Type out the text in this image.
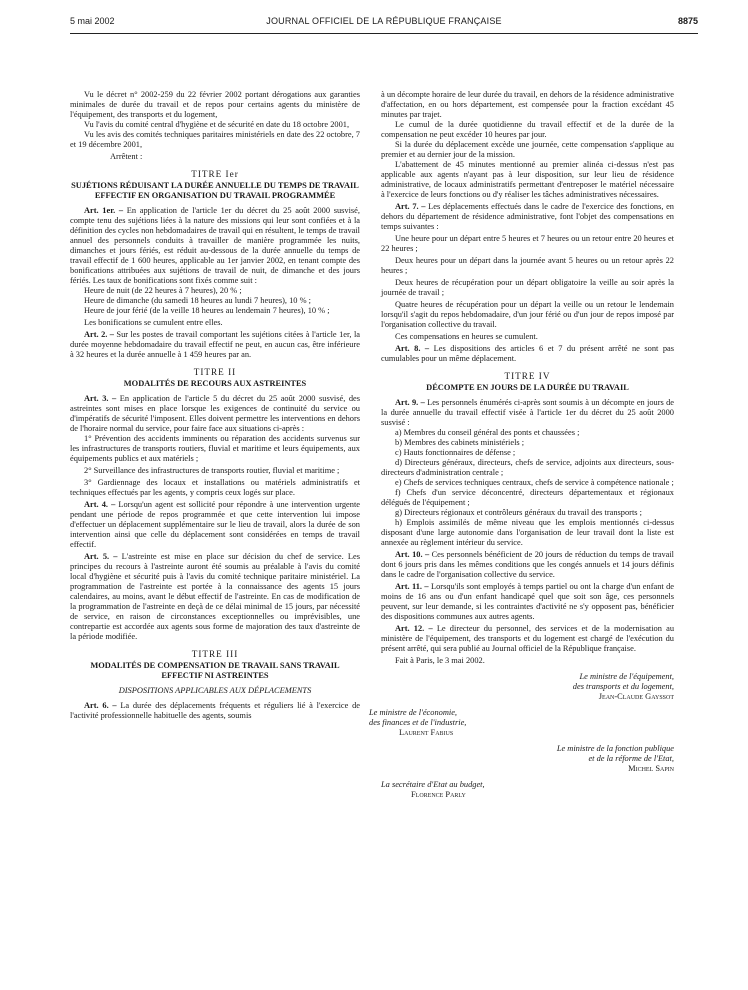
5 mai 2002	JOURNAL OFFICIEL DE LA RÉPUBLIQUE FRANÇAISE	8875

Vu le décret n° 2002-259 du 22 février 2002 portant dérogations aux garanties minimales de durée du travail et de repos pour certains agents du ministère de l'équipement, des transports et du logement,

Vu l'avis du comité central d'hygiène et de sécurité en date du 18 octobre 2001,

Vu les avis des comités techniques paritaires ministériels en date des 22 octobre, 7 et 19 décembre 2001,

Arrêtent :

TITRE Ier
SUJÉTIONS RÉDUISANT LA DURÉE ANNUELLE DU TEMPS DE TRAVAIL EFFECTIF EN ORGANISATION DU TRAVAIL PROGRAMMÉE

Art. 1er. – En application de l'article 1er du décret du 25 août 2000 susvisé, compte tenu des sujétions liées à la nature des missions qui leur sont confiées et à la définition des cycles non hebdomadaires de travail qui en résultent, le temps de travail annuel des personnels conduits à travailler de manière programmée les nuits, dimanches et jours fériés, est réduit au-dessous de la durée annuelle du temps de travail effectif de 1 600 heures, applicable au 1er janvier 2002, en tenant compte des bonifications attribuées aux sujétions de travail de nuit, de dimanche et des jours fériés. Les taux de bonifications sont fixés comme suit :

Heure de nuit (de 22 heures à 7 heures), 20 % ;

Heure de dimanche (du samedi 18 heures au lundi 7 heures), 10 % ;

Heure de jour férié (de la veille 18 heures au lendemain 7 heures), 10 % ;

Les bonifications se cumulent entre elles.

Art. 2. – Sur les postes de travail comportant les sujétions citées à l'article 1er, la durée moyenne hebdomadaire du travail effectif ne peut, en aucun cas, être inférieure à 32 heures et la durée annuelle à 1 459 heures par an.

TITRE II
MODALITÉS DE RECOURS AUX ASTREINTES

Art. 3. – En application de l'article 5 du décret du 25 août 2000 susvisé, des astreintes sont mises en place lorsque les exigences de continuité du service ou d'impératifs de sécurité l'imposent. Elles doivent permettre les interventions en dehors de l'horaire normal du service, pour faire face aux situations ci-après :

1° Prévention des accidents imminents ou réparation des accidents survenus sur les infrastructures de transports routiers, fluvial et maritime et leurs équipements, aux équipements publics et aux matériels ;

2° Surveillance des infrastructures de transports routier, fluvial et maritime ;

3° Gardiennage des locaux et installations ou matériels administratifs et techniques effectués par les agents, y compris ceux logés sur place.

Art. 4. – Lorsqu'un agent est sollicité pour répondre à une intervention urgente pendant une période de repos programmée et que cette intervention lui impose d'effectuer un déplacement supplémentaire sur le lieu de travail, alors la durée de son intervention ainsi que celle du déplacement sont considérées en temps de travail effectif.

Art. 5. – L'astreinte est mise en place sur décision du chef de service. Les principes du recours à l'astreinte auront été soumis au préalable à l'avis du comité local d'hygiène et sécurité puis à l'avis du comité technique paritaire ministériel. La programmation de l'astreinte est portée à la connaissance des agents 15 jours calendaires, au moins, avant le début effectif de l'astreinte. En cas de modification de la programmation de l'astreinte en deçà de ce délai minimal de 15 jours, par nécessité de service, en raison de circonstances exceptionnelles ou imprévisibles, une contrepartie est accordée aux agents sous forme de majoration des taux d'astreinte de la période modifiée.

TITRE III
MODALITÉS DE COMPENSATION DE TRAVAIL SANS TRAVAIL EFFECTIF NI ASTREINTES
DISPOSITIONS APPLICABLES AUX DÉPLACEMENTS

Art. 6. – La durée des déplacements fréquents et réguliers lié à l'exercice de l'activité professionnelle habituelle des agents, soumis

à un décompte horaire de leur durée du travail, en dehors de la résidence administrative d'affectation, en ou hors département, est compensée pour la fraction excédant 45 minutes par trajet.

Le cumul de la durée quotidienne du travail effectif et de la durée de la compensation ne peut excéder 10 heures par jour.

Si la durée du déplacement excède une journée, cette compensation s'applique au premier et au dernier jour de la mission.

L'abattement de 45 minutes mentionné au premier alinéa ci-dessus n'est pas applicable aux agents n'ayant pas à leur disposition, sur leur lieu de résidence administrative, de locaux administratifs permettant d'entreposer le matériel nécessaire à l'exercice de leurs fonctions ou d'y réaliser les tâches administratives nécessaires.

Art. 7. – Les déplacements effectués dans le cadre de l'exercice des fonctions, en dehors du département de résidence administrative, font l'objet des compensations en temps suivantes :

Une heure pour un départ entre 5 heures et 7 heures ou un retour entre 20 heures et 22 heures ;

Deux heures pour un départ dans la journée avant 5 heures ou un retour après 22 heures ;

Deux heures de récupération pour un départ obligatoire la veille au soir après la journée de travail ;

Quatre heures de récupération pour un départ la veille ou un retour le lendemain lorsqu'il s'agit du repos hebdomadaire, d'un jour férié ou d'un jour de repos imposé par l'organisation collective du travail.

Ces compensations en heures se cumulent.

Art. 8. – Les dispositions des articles 6 et 7 du présent arrêté ne sont pas cumulables pour un même déplacement.

TITRE IV
DÉCOMPTE EN JOURS DE LA DURÉE DU TRAVAIL

Art. 9. – Les personnels énumérés ci-après sont soumis à un décompte en jours de la durée annuelle du travail effectif visée à l'article 1er du décret du 25 août 2000 susvisé :

a) Membres du conseil général des ponts et chaussées ;

b) Membres des cabinets ministériels ;

c) Hauts fonctionnaires de défense ;

d) Directeurs généraux, directeurs, chefs de service, adjoints aux directeurs, sous-directeurs d'administration centrale ;

e) Chefs de services techniques centraux, chefs de service à compétence nationale ;

f) Chefs d'un service déconcentré, directeurs départementaux et régionaux délégués de l'équipement ;

g) Directeurs régionaux et contrôleurs généraux du travail des transports ;

h) Emplois assimilés de même niveau que les emplois mentionnés ci-dessus disposant d'une large autonomie dans l'organisation de leur travail dont la liste est annexée au règlement intérieur du service.

Art. 10. – Ces personnels bénéficient de 20 jours de réduction du temps de travail dont 6 jours pris dans les mêmes conditions que les congés annuels et 14 jours définis dans le cadre de l'organisation collective du service.

Art. 11. – Lorsqu'ils sont employés à temps partiel ou ont la charge d'un enfant de moins de 16 ans ou d'un enfant handicapé quel que soit son âge, ces personnels peuvent, sur leur demande, si les contraintes d'activité ne s'y opposent pas, bénéficier des dispositions communes aux autres agents.

Art. 12. – Le directeur du personnel, des services et de la modernisation au ministère de l'équipement, des transports et du logement est chargé de l'exécution du présent arrêté, qui sera publié au Journal officiel de la République française.

Fait à Paris, le 3 mai 2002.

Le ministre de l'équipement,
des transports et du logement,
Jean-Claude Gayssot
Le ministre de l'économie,
des finances et de l'industrie,
Laurent Fabius
Le ministre de la fonction publique
et de la réforme de l'Etat,
Michel Sapin
La secrétaire d'Etat au budget,
Florence Parly
